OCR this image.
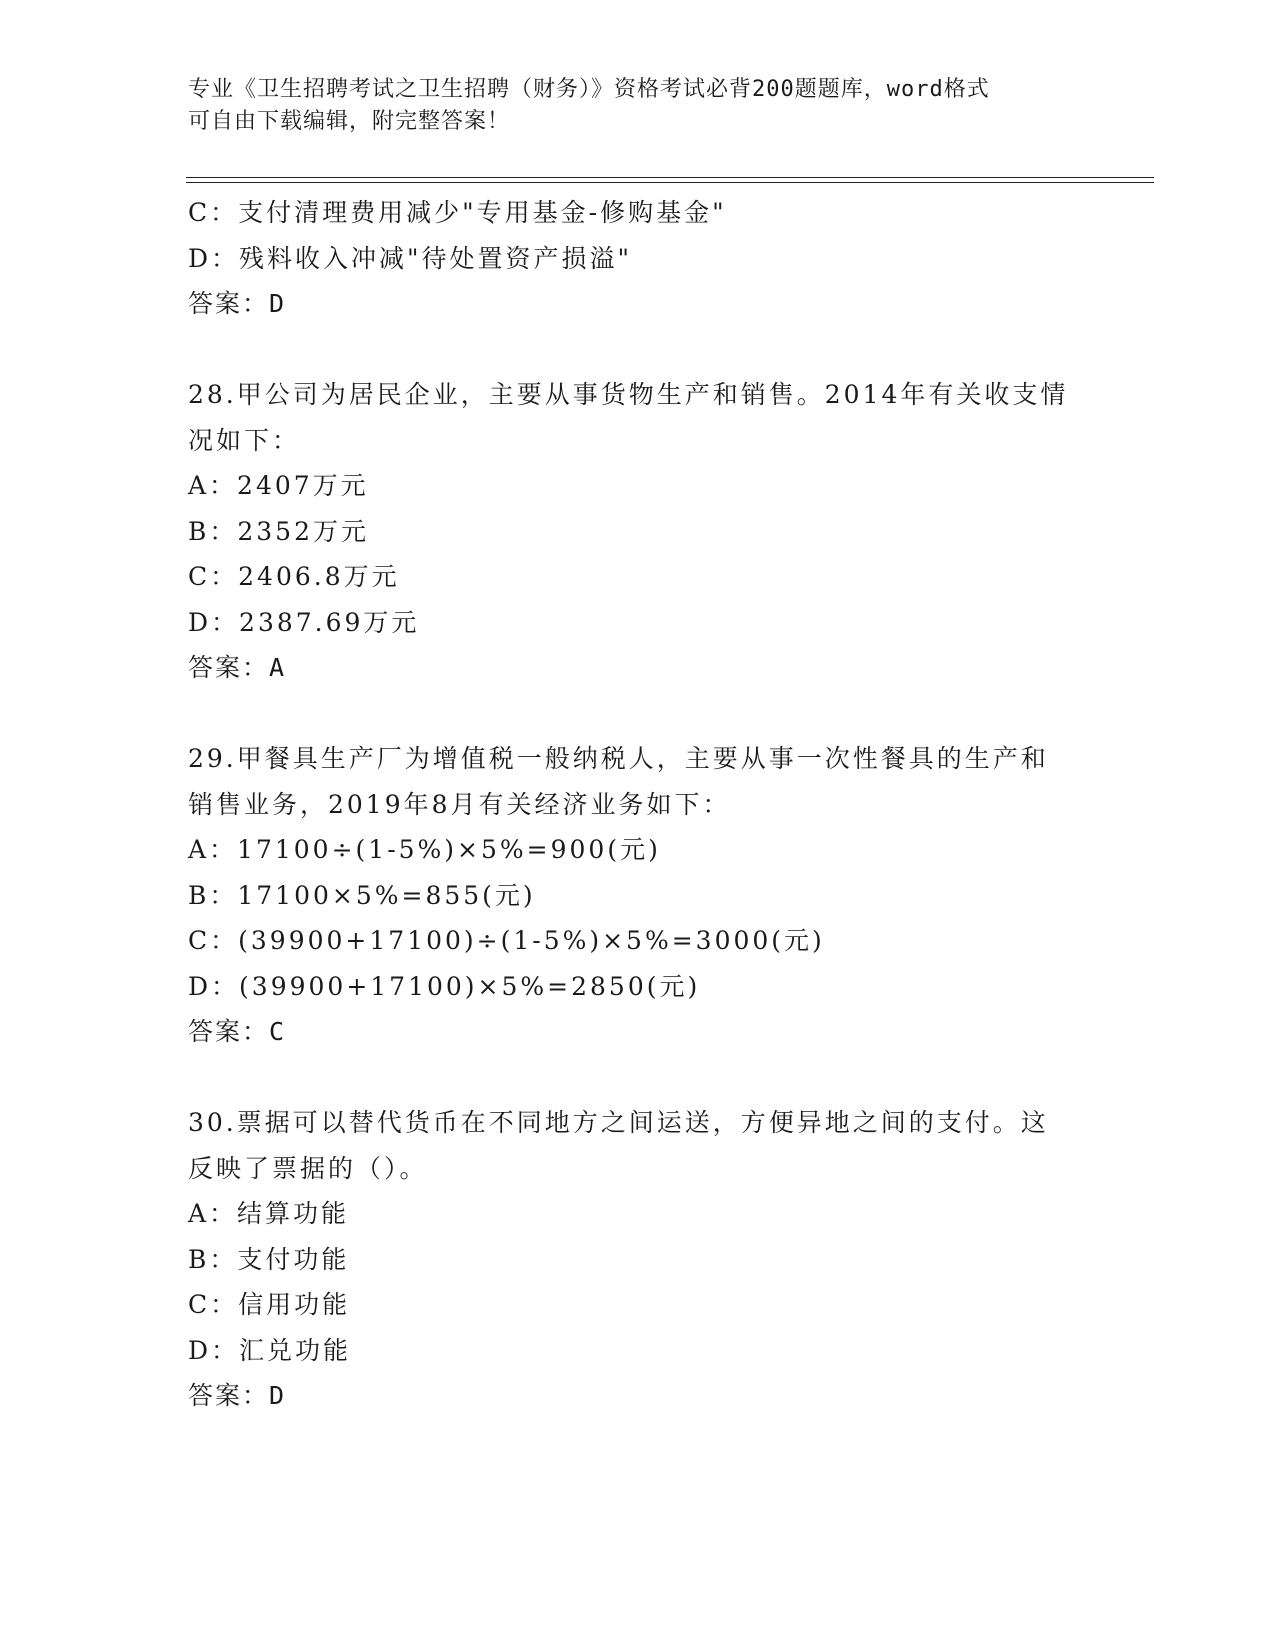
专业《卫生招聘考试之卫生招聘（财务）》资格考试必背200题题库，word格式
可自由下载编辑，附完整答案！
C：支付清理费用减少"专用基金-修购基金"
D：残料收入冲减"待处置资产损溢"
答案：D
28.甲公司为居民企业，主要从事货物生产和销售。2014年有关收支情
况如下：
A：2407万元
B：2352万元
C：2406.8万元
D：2387.69万元
答案：A
29.甲餐具生产厂为增值税一般纳税人，主要从事一次性餐具的生产和
销售业务，2019年8月有关经济业务如下：
A：17100÷(1-5%)×5%=900(元)
B：17100×5%=855(元)
C：(39900+17100)÷(1-5%)×5%=3000(元)
D：(39900+17100)×5%=2850(元)
答案：C
30.票据可以替代货币在不同地方之间运送，方便异地之间的支付。这
反映了票据的（）。
A：结算功能
B：支付功能
C：信用功能
D：汇兑功能
答案：D
